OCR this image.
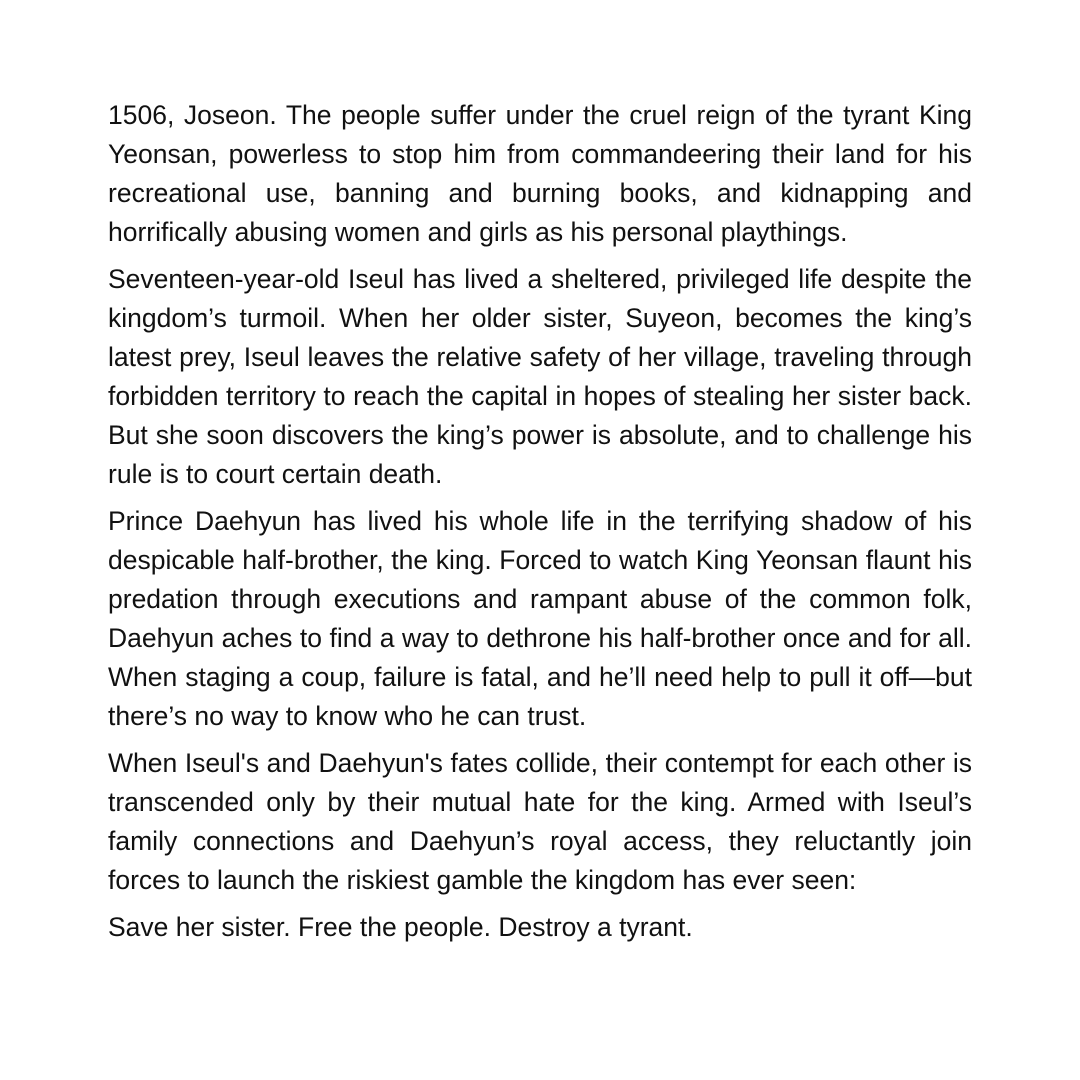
1506, Joseon. The people suffer under the cruel reign of the tyrant King Yeonsan, powerless to stop him from commandeering their land for his recreational use, banning and burning books, and kidnapping and horrifically abusing women and girls as his personal playthings.

Seventeen-year-old Iseul has lived a sheltered, privileged life despite the kingdom’s turmoil. When her older sister, Suyeon, becomes the king’s latest prey, Iseul leaves the relative safety of her village, traveling through forbidden territory to reach the capital in hopes of stealing her sister back. But she soon discovers the king’s power is absolute, and to challenge his rule is to court certain death.

Prince Daehyun has lived his whole life in the terrifying shadow of his despicable half-brother, the king. Forced to watch King Yeonsan flaunt his predation through executions and rampant abuse of the common folk, Daehyun aches to find a way to dethrone his half-brother once and for all. When staging a coup, failure is fatal, and he’ll need help to pull it off—but there’s no way to know who he can trust.

When Iseul's and Daehyun's fates collide, their contempt for each other is transcended only by their mutual hate for the king. Armed with Iseul’s family connections and Daehyun’s royal access, they reluctantly join forces to launch the riskiest gamble the kingdom has ever seen:

Save her sister. Free the people. Destroy a tyrant.
